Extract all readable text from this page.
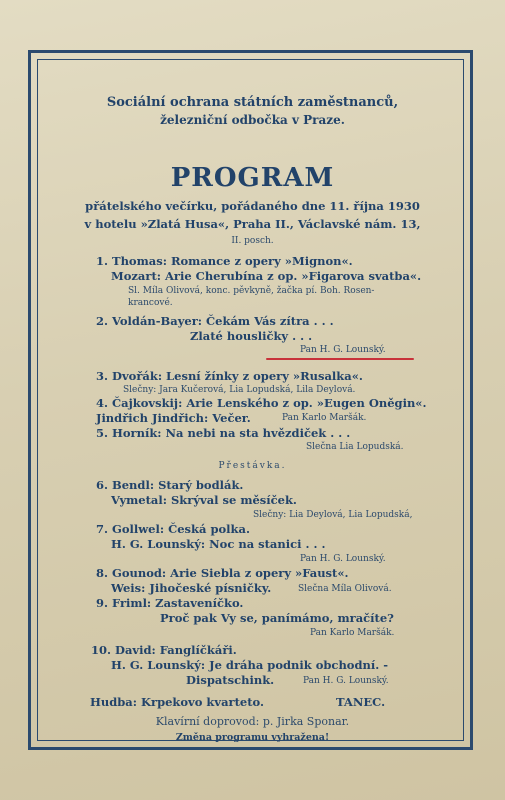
Sociální ochrana státních zaměstnanců,
železniční odbočka v Praze.
PROGRAM
přátelského večírku, pořádaného dne 11. října 1930
v hotelu »Zlatá Husa«, Praha II., Václavské nám. 13,
II. posch.
1. Thomas: Romance z opery »Mignon«.
Mozart: Arie Cherubína z op. »Figarova svatba«.
Sl. Míla Olivová, konc. pěvkyně, žačka pí. Boh. Rosen-
krancové.
2. Voldán-Bayer: Čekám Vás zítra . . .
Zlaté housličky . . .
Pan H. G. Lounský.
3. Dvořák: Lesní žínky z opery »Rusalka«.
Slečny: Jara Kučerová, Lia Lopudská, Lila Deylová.
4. Čajkovskij: Arie Lenského z op. »Eugen Oněgin«.
Jindřich Jindřich: Večer.	Pan Karlo Maršák.
5. Horník: Na nebi na sta hvězdiček . . .
Slečna Lia Lopudská.
Přestávka.
6. Bendl: Starý bodlák.
Vymetal: Skrýval se měsíček.
Slečny: Lia Deylová, Lia Lopudská,
7. Gollwel: Česká polka.
H. G. Lounský: Noc na stanici . . .
Pan H. G. Lounský.
8. Gounod: Arie Siebla z opery »Faust«.
Weis: Jihočeské písničky.	Slečna Míla Olivová.
9. Friml: Zastaveníčko.
Proč pak Vy se, panímámo, mračíte?
Pan Karlo Maršák.
10. David: Fanglíčkáři.
H. G. Lounský: Je dráha podnik obchodní. -
Dispatschink.	Pan H. G. Lounský.
Hudba: Krpekovo kvarteto.	TANEC.
Klavírní doprovod: p. Jirka Sponar.
Změna programu vyhražena!
